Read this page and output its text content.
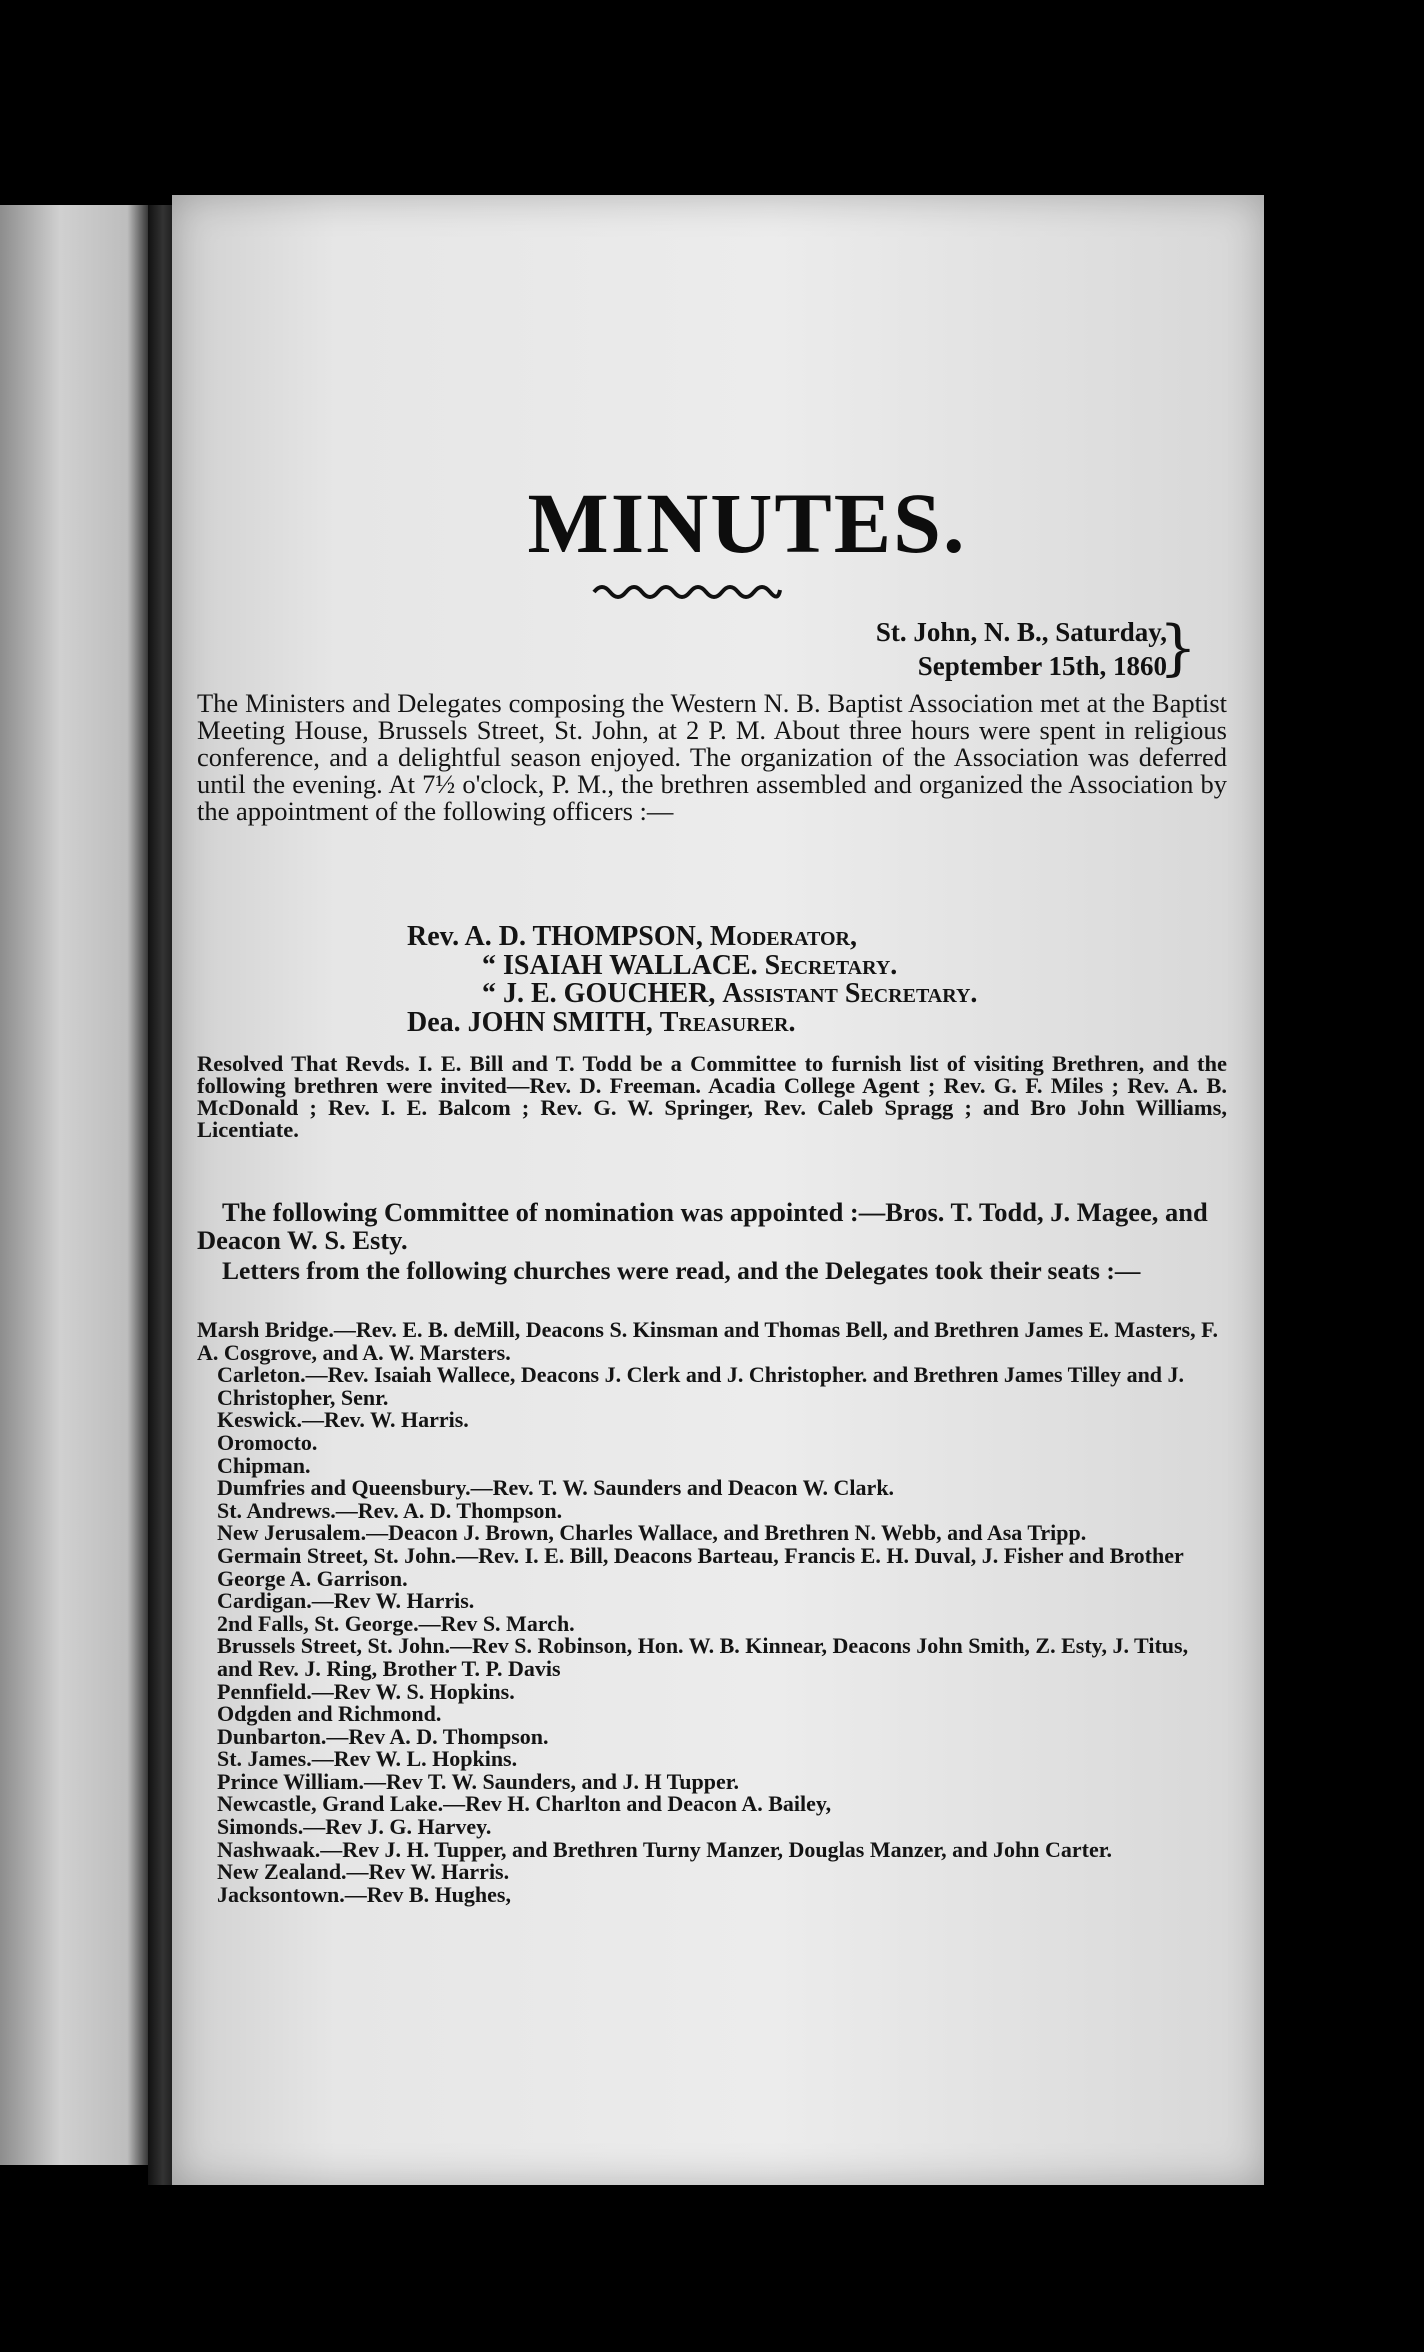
MINUTES.
St. John, N. B., Saturday,
September 15th, 1860
}
The Ministers and Delegates composing the Western N. B. Baptist Association met at the Baptist Meeting House, Brussels Street, St. John, at 2 P. M. About three hours were spent in religious conference, and a delightful season enjoyed. The organization of the Association was deferred until the evening. At 7½ o'clock, P. M., the brethren assembled and organized the Association by the appointment of the following officers :—
Rev. A. D. THOMPSON, Moderator,
“ ISAIAH WALLACE. Secretary.
“ J. E. GOUCHER, Assistant Secretary.
Dea. JOHN SMITH, Treasurer.
Resolved That Revds. I. E. Bill and T. Todd be a Committee to furnish list of visiting Brethren, and the following brethren were invited—Rev. D. Freeman. Acadia College Agent ; Rev. G. F. Miles ; Rev. A. B. McDonald ; Rev. I. E. Balcom ; Rev. G. W. Springer, Rev. Caleb Spragg ; and Bro John Williams, Licentiate.
The following Committee of nomination was appointed :—Bros. T. Todd, J. Magee, and Deacon W. S. Esty.
Letters from the following churches were read, and the Delegates took their seats :—
Marsh Bridge.—Rev. E. B. deMill, Deacons S. Kinsman and Thomas Bell, and Brethren James E. Masters, F. A. Cosgrove, and A. W. Marsters.
Carleton.—Rev. Isaiah Wallece, Deacons J. Clerk and J. Christopher. and Brethren James Tilley and J. Christopher, Senr.
Keswick.—Rev. W. Harris.
Oromocto.
Chipman.
Dumfries and Queensbury.—Rev. T. W. Saunders and Deacon W. Clark.
St. Andrews.—Rev. A. D. Thompson.
New Jerusalem.—Deacon J. Brown, Charles Wallace, and Brethren N. Webb, and Asa Tripp.
Germain Street, St. John.—Rev. I. E. Bill, Deacons Barteau, Francis E. H. Duval, J. Fisher and Brother George A. Garrison.
Cardigan.—Rev W. Harris.
2nd Falls, St. George.—Rev S. March.
Brussels Street, St. John.—Rev S. Robinson, Hon. W. B. Kinnear, Deacons John Smith, Z. Esty, J. Titus, and Rev. J. Ring, Brother T. P. Davis
Pennfield.—Rev W. S. Hopkins.
Odgden and Richmond.
Dunbarton.—Rev A. D. Thompson.
St. James.—Rev W. L. Hopkins.
Prince William.—Rev T. W. Saunders, and J. H Tupper.
Newcastle, Grand Lake.—Rev H. Charlton and Deacon A. Bailey,
Simonds.—Rev J. G. Harvey.
Nashwaak.—Rev J. H. Tupper, and Brethren Turny Manzer, Douglas Manzer, and John Carter.
New Zealand.—Rev W. Harris.
Jacksontown.—Rev B. Hughes,
